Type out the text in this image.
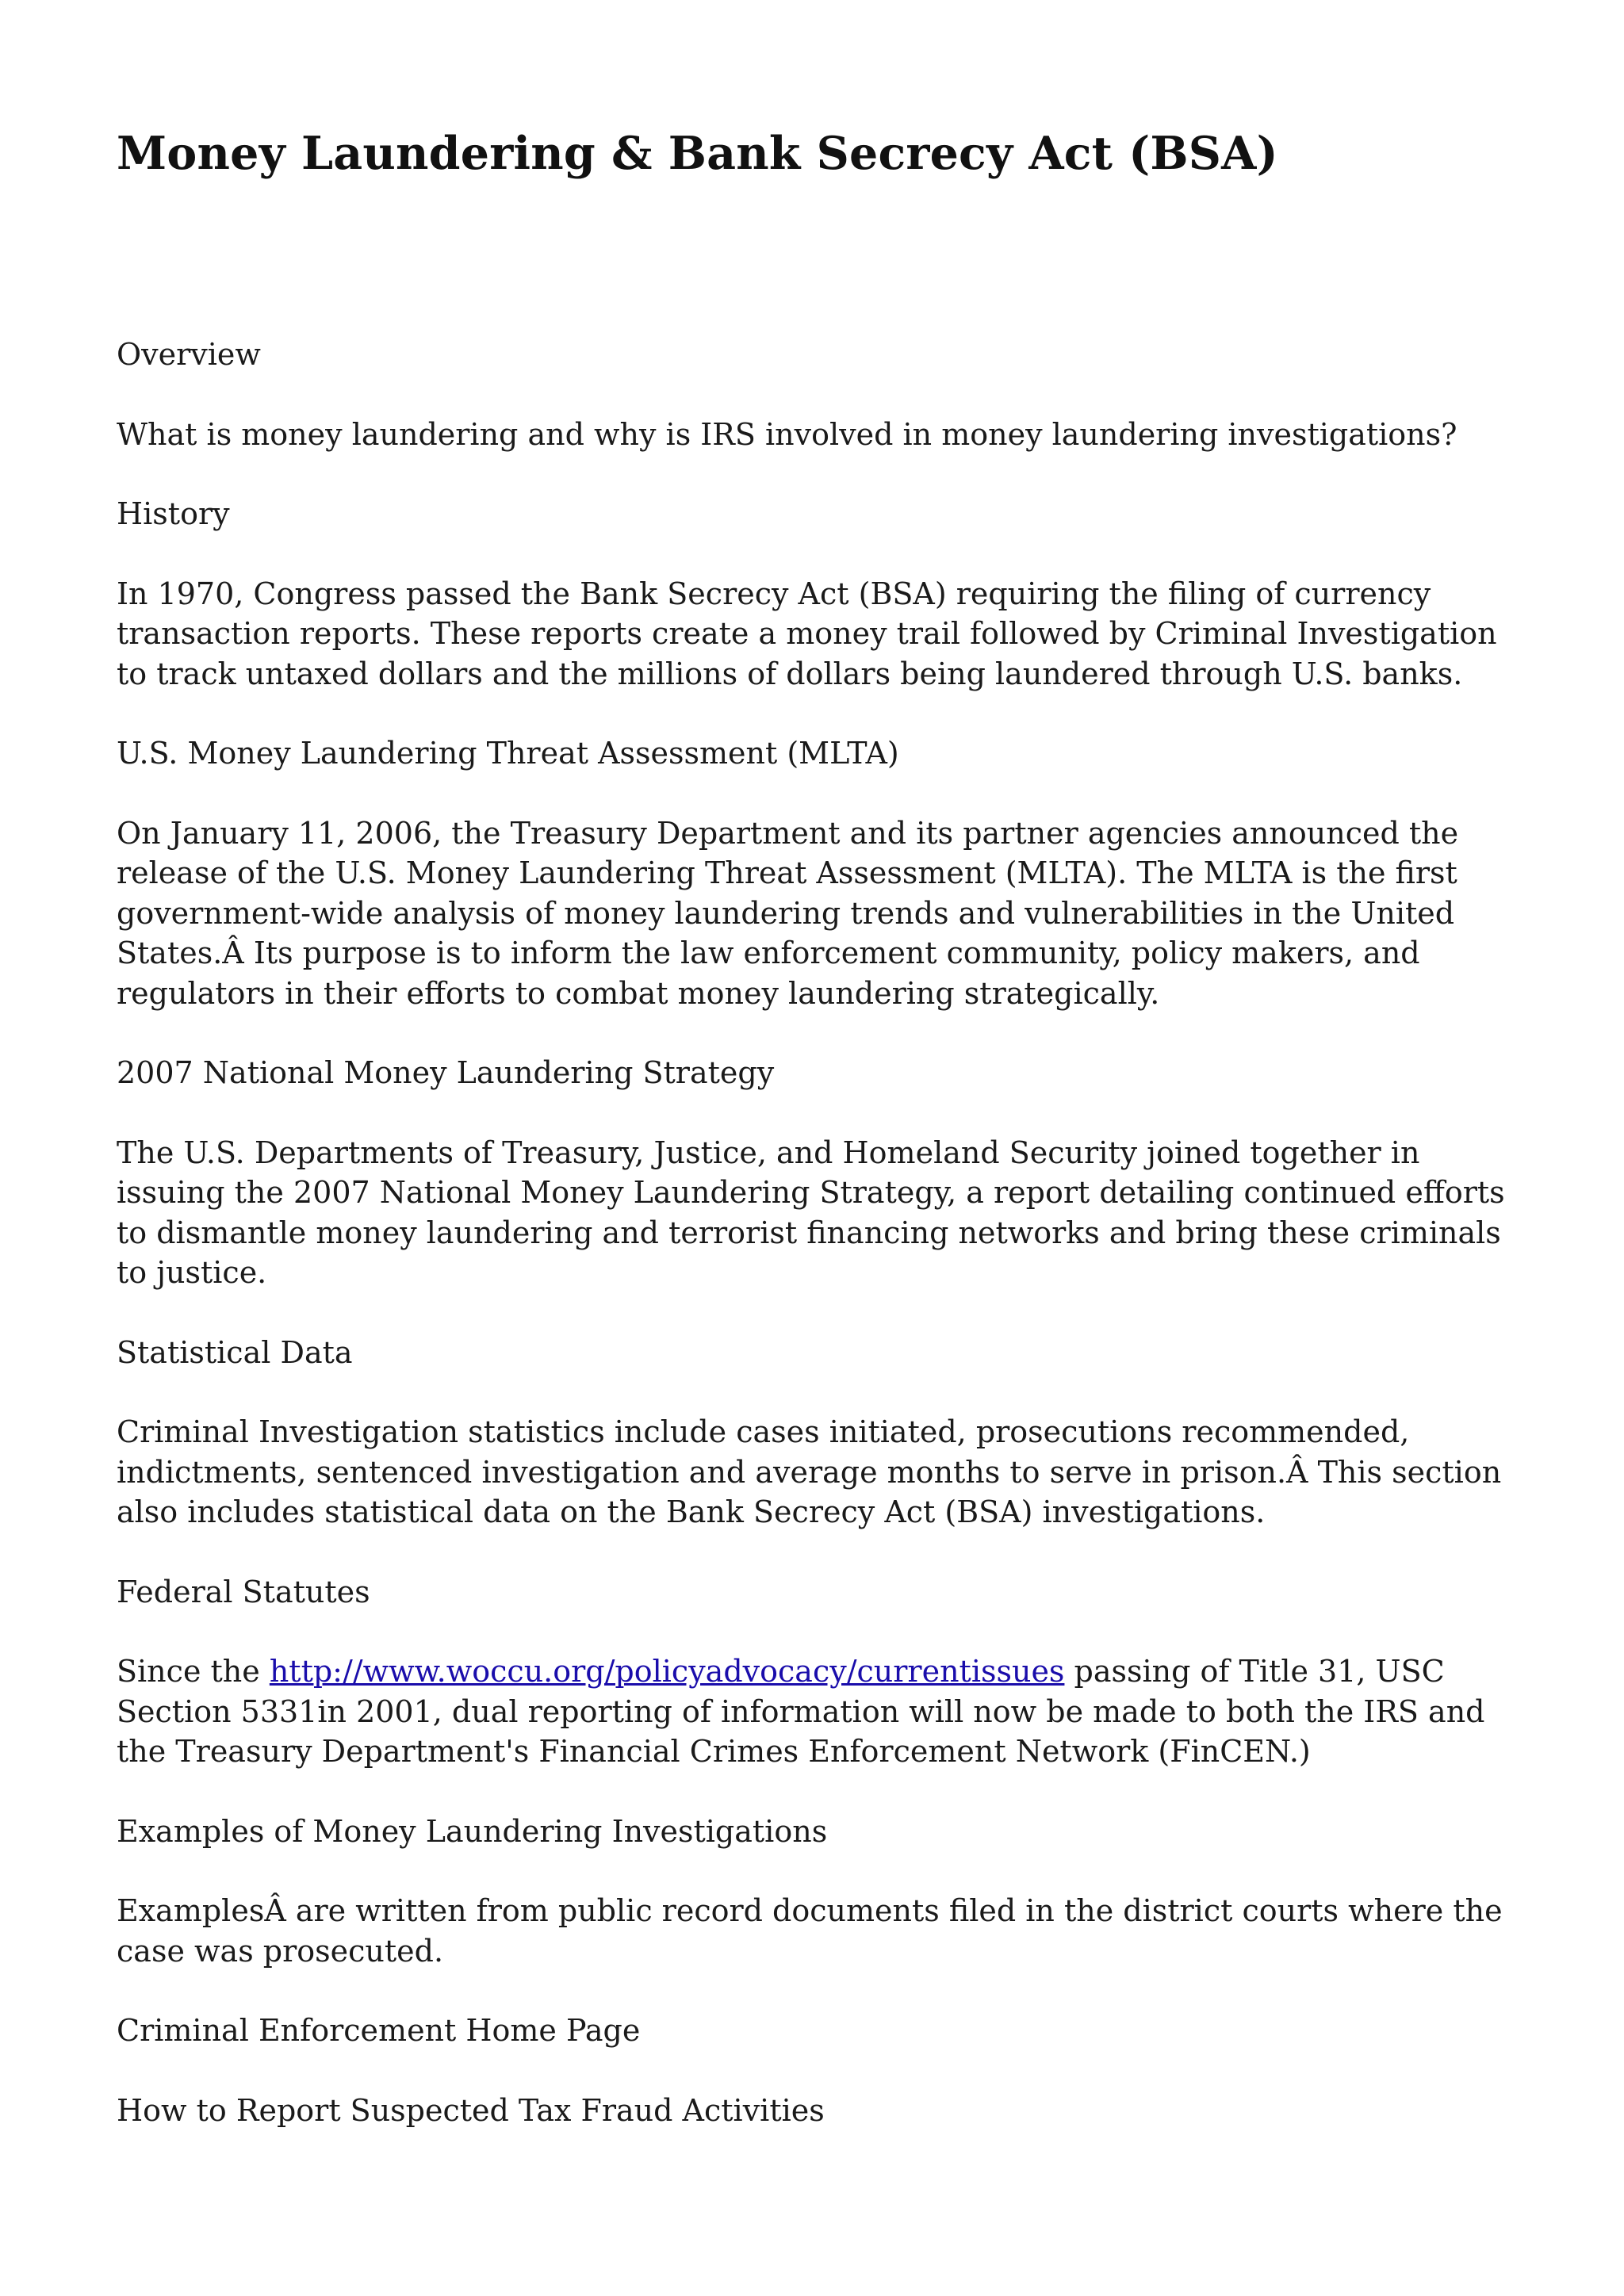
Money Laundering & Bank Secrecy Act (BSA)

Overview

What is money laundering and why is IRS involved in money laundering investigations?

History

In 1970, Congress passed the Bank Secrecy Act (BSA) requiring the filing of currency transaction reports. These reports create a money trail followed by Criminal Investigation to track untaxed dollars and the millions of dollars being laundered through U.S. banks.

U.S. Money Laundering Threat Assessment (MLTA)

On January 11, 2006, the Treasury Department and its partner agencies announced the release of the U.S. Money Laundering Threat Assessment (MLTA). The MLTA is the first government-wide analysis of money laundering trends and vulnerabilities in the United States.Â Its purpose is to inform the law enforcement community, policy makers, and regulators in their efforts to combat money laundering strategically.

2007 National Money Laundering Strategy

The U.S. Departments of Treasury, Justice, and Homeland Security joined together in issuing the 2007 National Money Laundering Strategy, a report detailing continued efforts to dismantle money laundering and terrorist financing networks and bring these criminals to justice.

Statistical Data

Criminal Investigation statistics include cases initiated, prosecutions recommended, indictments, sentenced investigation and average months to serve in prison.Â This section also includes statistical data on the Bank Secrecy Act (BSA) investigations.

Federal Statutes

Since the http://www.woccu.org/policyadvocacy/currentissues passing of Title 31, USC Section 5331in 2001, dual reporting of information will now be made to both the IRS and the Treasury Department's Financial Crimes Enforcement Network (FinCEN.)

Examples of Money Laundering Investigations

ExamplesÂ are written from public record documents filed in the district courts where the case was prosecuted.

Criminal Enforcement Home Page

How to Report Suspected Tax Fraud Activities
